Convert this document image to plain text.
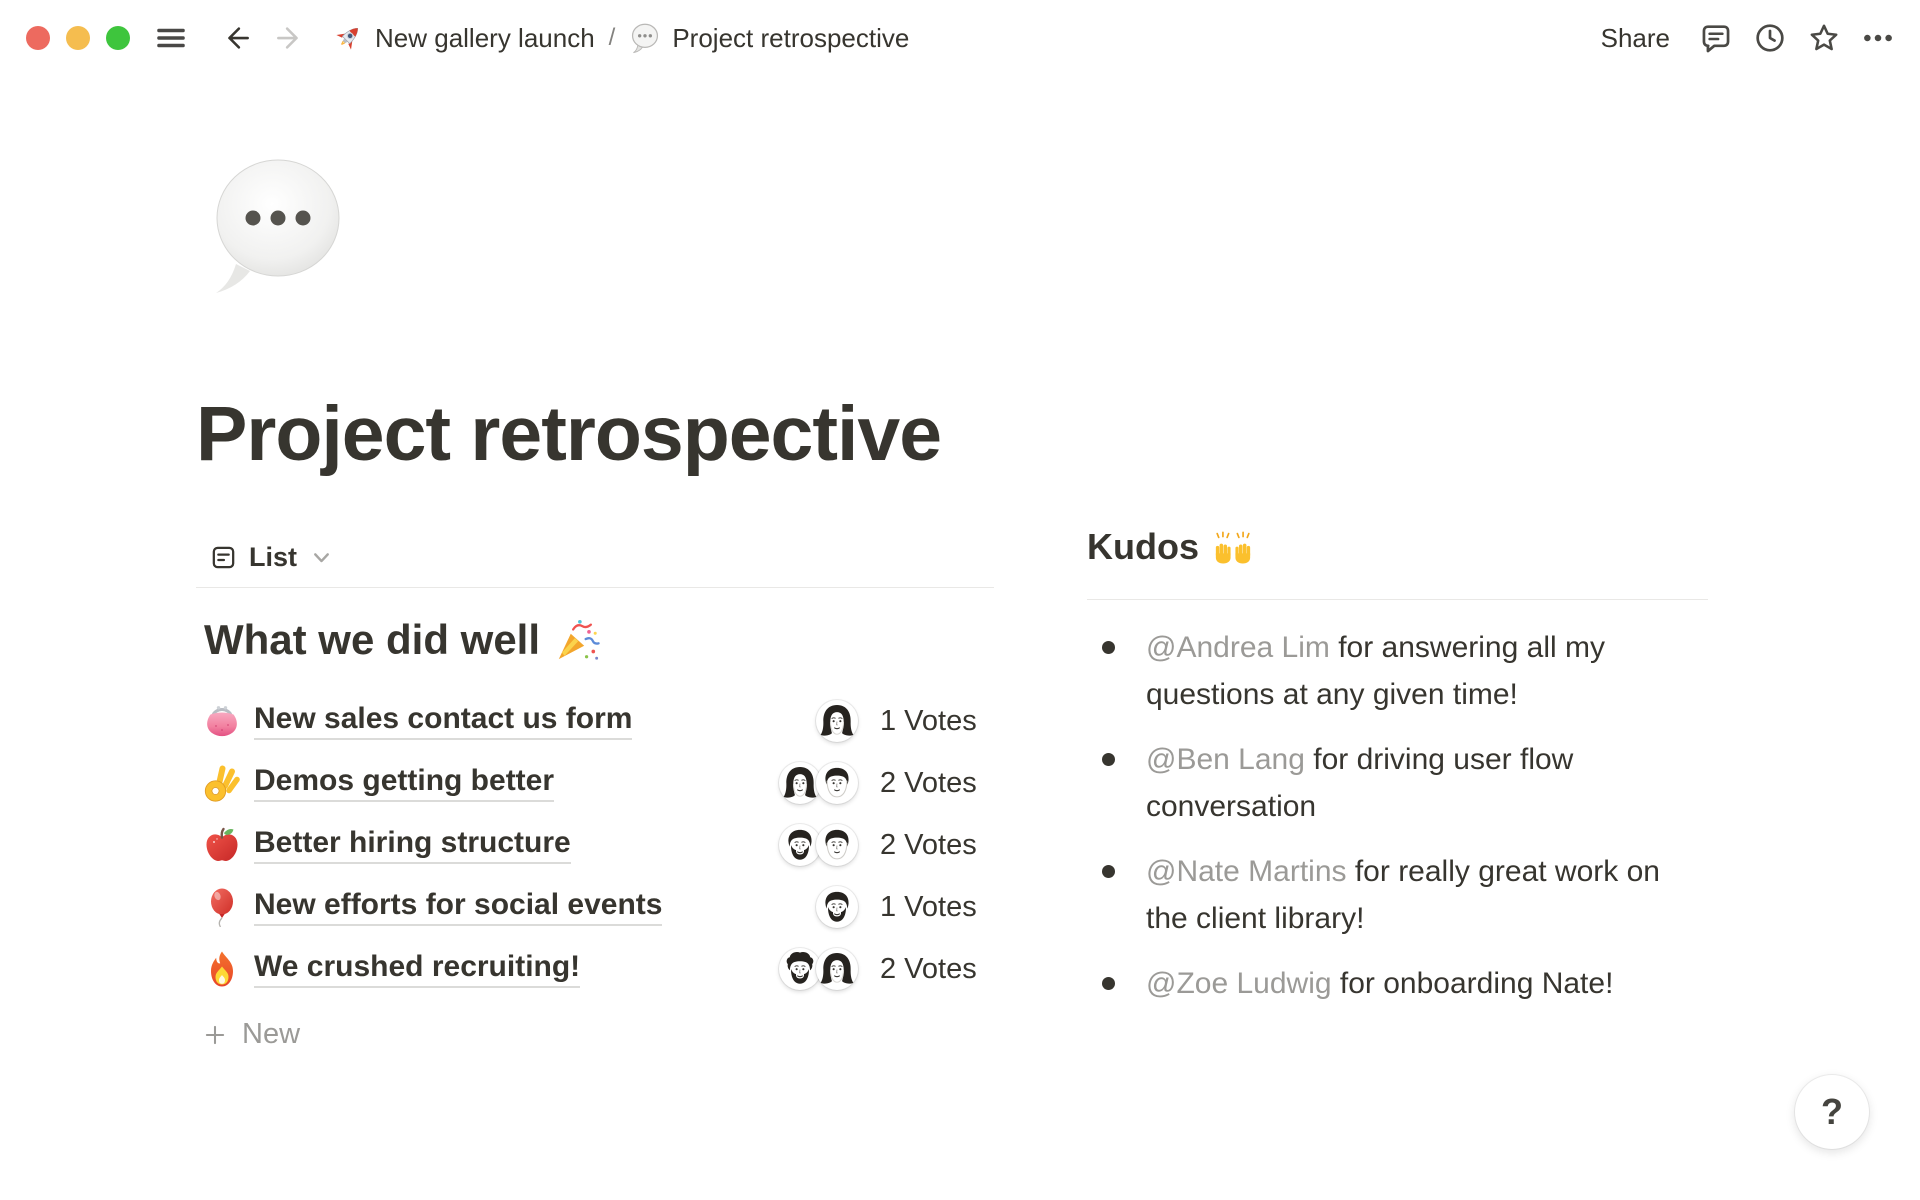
New gallery launch / Project retrospective	Share
Project retrospective
List
What we did well
New sales contact us form	1 Votes
Demos getting better	2 Votes
Better hiring structure	2 Votes
New efforts for social events	1 Votes
We crushed recruiting!	2 Votes
New
Kudos
@Andrea Lim for answering all my questions at any given time!
@Ben Lang for driving user flow conversation
@Nate Martins for really great work on the client library!
@Zoe Ludwig for onboarding Nate!
?
